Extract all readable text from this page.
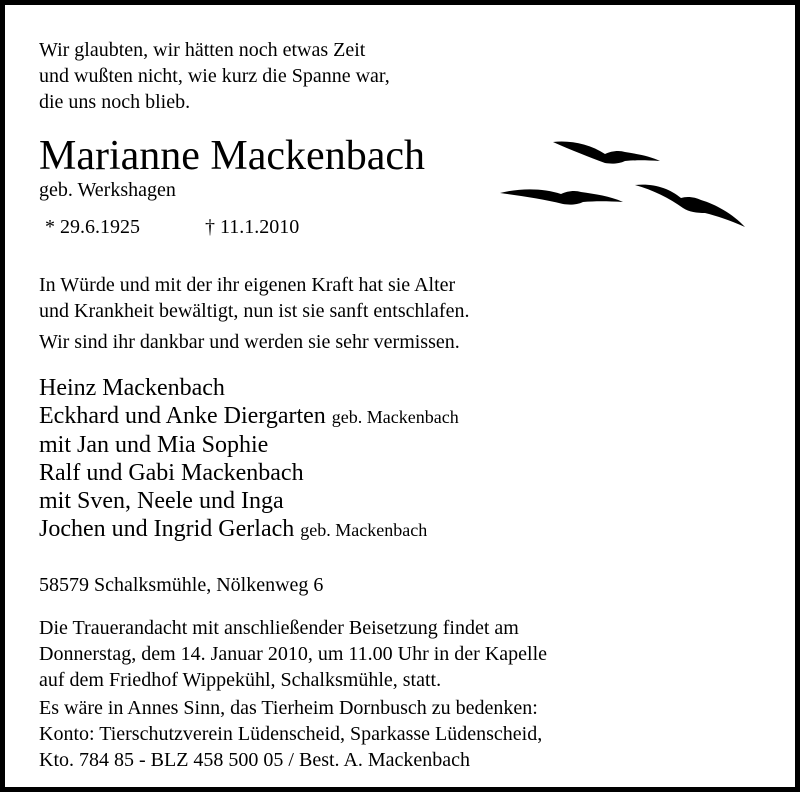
Wir glaubten, wir hätten noch etwas Zeit
und wußten nicht, wie kurz die Spanne war,
die uns noch blieb.
Marianne Mackenbach
geb. Werkshagen
* 29.6.1925	† 11.1.2010
In Würde und mit der ihr eigenen Kraft hat sie Alter
und Krankheit bewältigt, nun ist sie sanft entschlafen.
Wir sind ihr dankbar und werden sie sehr vermissen.
Heinz Mackenbach
Eckhard und Anke Diergarten geb. Mackenbach
mit Jan und Mia Sophie
Ralf und Gabi Mackenbach
mit Sven, Neele und Inga
Jochen und Ingrid Gerlach geb. Mackenbach
58579 Schalksmühle, Nölkenweg 6
Die Trauerandacht mit anschließender Beisetzung findet am
Donnerstag, dem 14. Januar 2010, um 11.00 Uhr in der Kapelle
auf dem Friedhof Wippekühl, Schalksmühle, statt.
Es wäre in Annes Sinn, das Tierheim Dornbusch zu bedenken:
Konto: Tierschutzverein Lüdenscheid, Sparkasse Lüdenscheid,
Kto. 784 85 - BLZ 458 500 05 / Best. A. Mackenbach
